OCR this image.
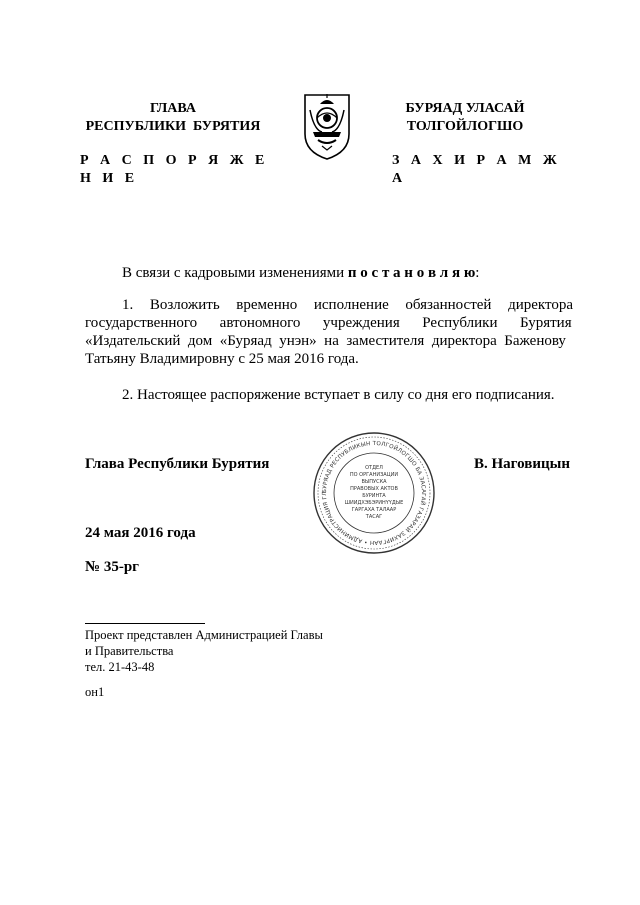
ГЛАВА
РЕСПУБЛИКИ  БУРЯТИЯ
БУРЯАД УЛАСАЙ
ТОЛГОЙЛОГШО
Р А С П О Р Я Ж Е Н И Е
З А Х И Р А М Ж А
В связи с кадровыми изменениями п о с т а н о в л я ю:
1.   Возложить   временно   исполнение   обязанностей   директора
государственного      автономного      учреждения      Республики      Бурятия
«Издательский  дом  «Буряад  унэн»  на  заместителя  директора  Баженову
Татьяну Владимировну с 25 мая 2016 года.
2. Настоящее распоряжение вступает в силу со дня его подписания.
Глава Республики Бурятия	В. Наговицын
БУРЯАД РЕСПУБЛИКЫН ТОЛГОЙЛОГШО БА ЗАСАГАЙ ГАЗАРАЙ ЗАХИРГААН • АДМИНИСТРАЦИЯ ГЛАВЫ РЕСПУБЛИКИ БУРЯТИЯ И ПРАВИТЕЛЬСТВА •
ОТДЕЛ
ПО ОРГАНИЗАЦИИ
ВЫПУСКА
ПРАВОВЫХ АКТОВ
БУРИНТА
ШИИДХЭБЭРИНҮҮДЫЕ
ГАРГАХА ТАЛААР
ТАСАГ
24 мая 2016 года
№ 35-рг
Проект представлен Администрацией Главы
и Правительства
тел. 21-43-48
он1
